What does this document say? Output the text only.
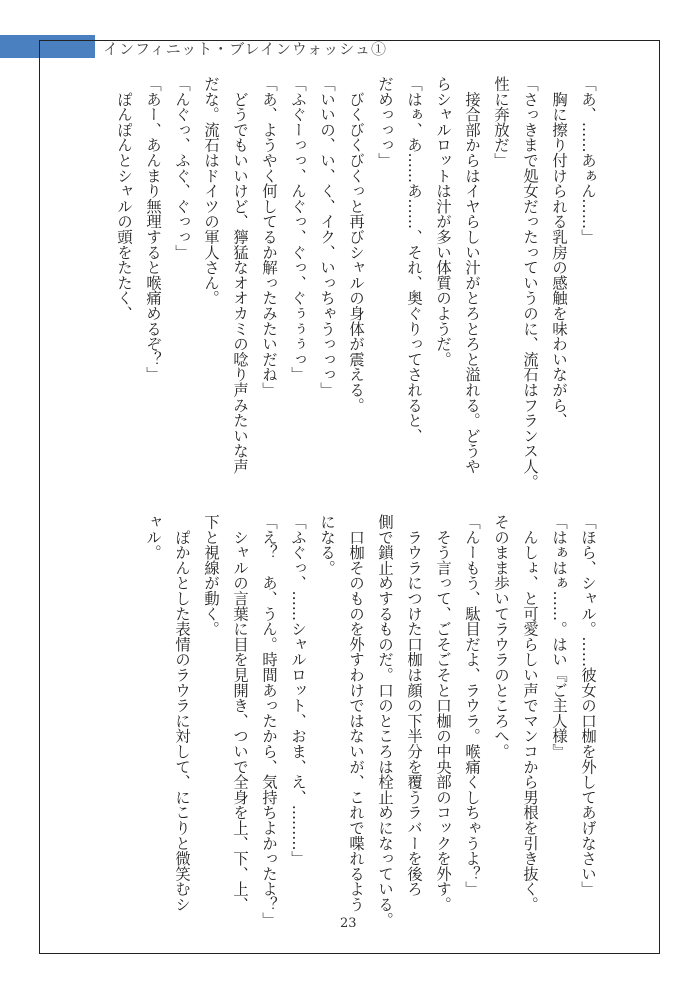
インフィニット・ブレインウォッシュ①
「あ、……あぁん……」
　胸に擦り付けられる乳房の感触を味わいながら、
「さっきまで処女だったっていうのに、流石はフランス人。
性に奔放だ」
　接合部からはイヤらしい汁がとろとろと溢れる。どうや
らシャルロットは汁が多い体質のようだ。
「はぁ、あ……あ……、それ、奥ぐりってされると、
だめっっっ」
　びくびくびくっと再びシャルの身体が震える。
「いいの、い、く、イク、いっちゃうっっっ」
「ふぐーっっ、んぐっ、ぐっ、ぐぅぅぅっ」
「あ、ようやく何してるか解ったみたいだね」
　どうでもいいけど、獰猛なオオカミの唸り声みたいな声
だな。流石はドイツの軍人さん。
「んぐっ、ふぐ、ぐっっ」
「あー、あんまり無理すると喉痛めるぞ？」
　ぽんぽんとシャルの頭をたたく、
「ほら、シャル。……彼女の口枷を外してあげなさい」
「はぁはぁ……。はい『ご主人様』
　んしょ、と可愛らしい声でマンコから男根を引き抜く。
そのまま歩いてラウラのところへ。
「んーもう、駄目だよ、ラウラ。喉痛くしちゃうよ？」
　そう言って、ごそごそと口枷の中央部のコックを外す。
　ラウラにつけた口枷は顔の下半分を覆うラバーを後ろ
側で鎖止めするものだ。口のところは栓止めになっている。
　口枷そのものを外すわけではないが、これで喋れるよう
になる。
「ふぐっ、……シャルロット、おま、え、………」
「え？　あ、うん。時間あったから、気持ちよかったよ？」
　シャルの言葉に目を見開き、ついで全身を上、下、上、
下と視線が動く。
　ぽかんとした表情のラウラに対して、にこりと微笑むシ
ャル。
23
